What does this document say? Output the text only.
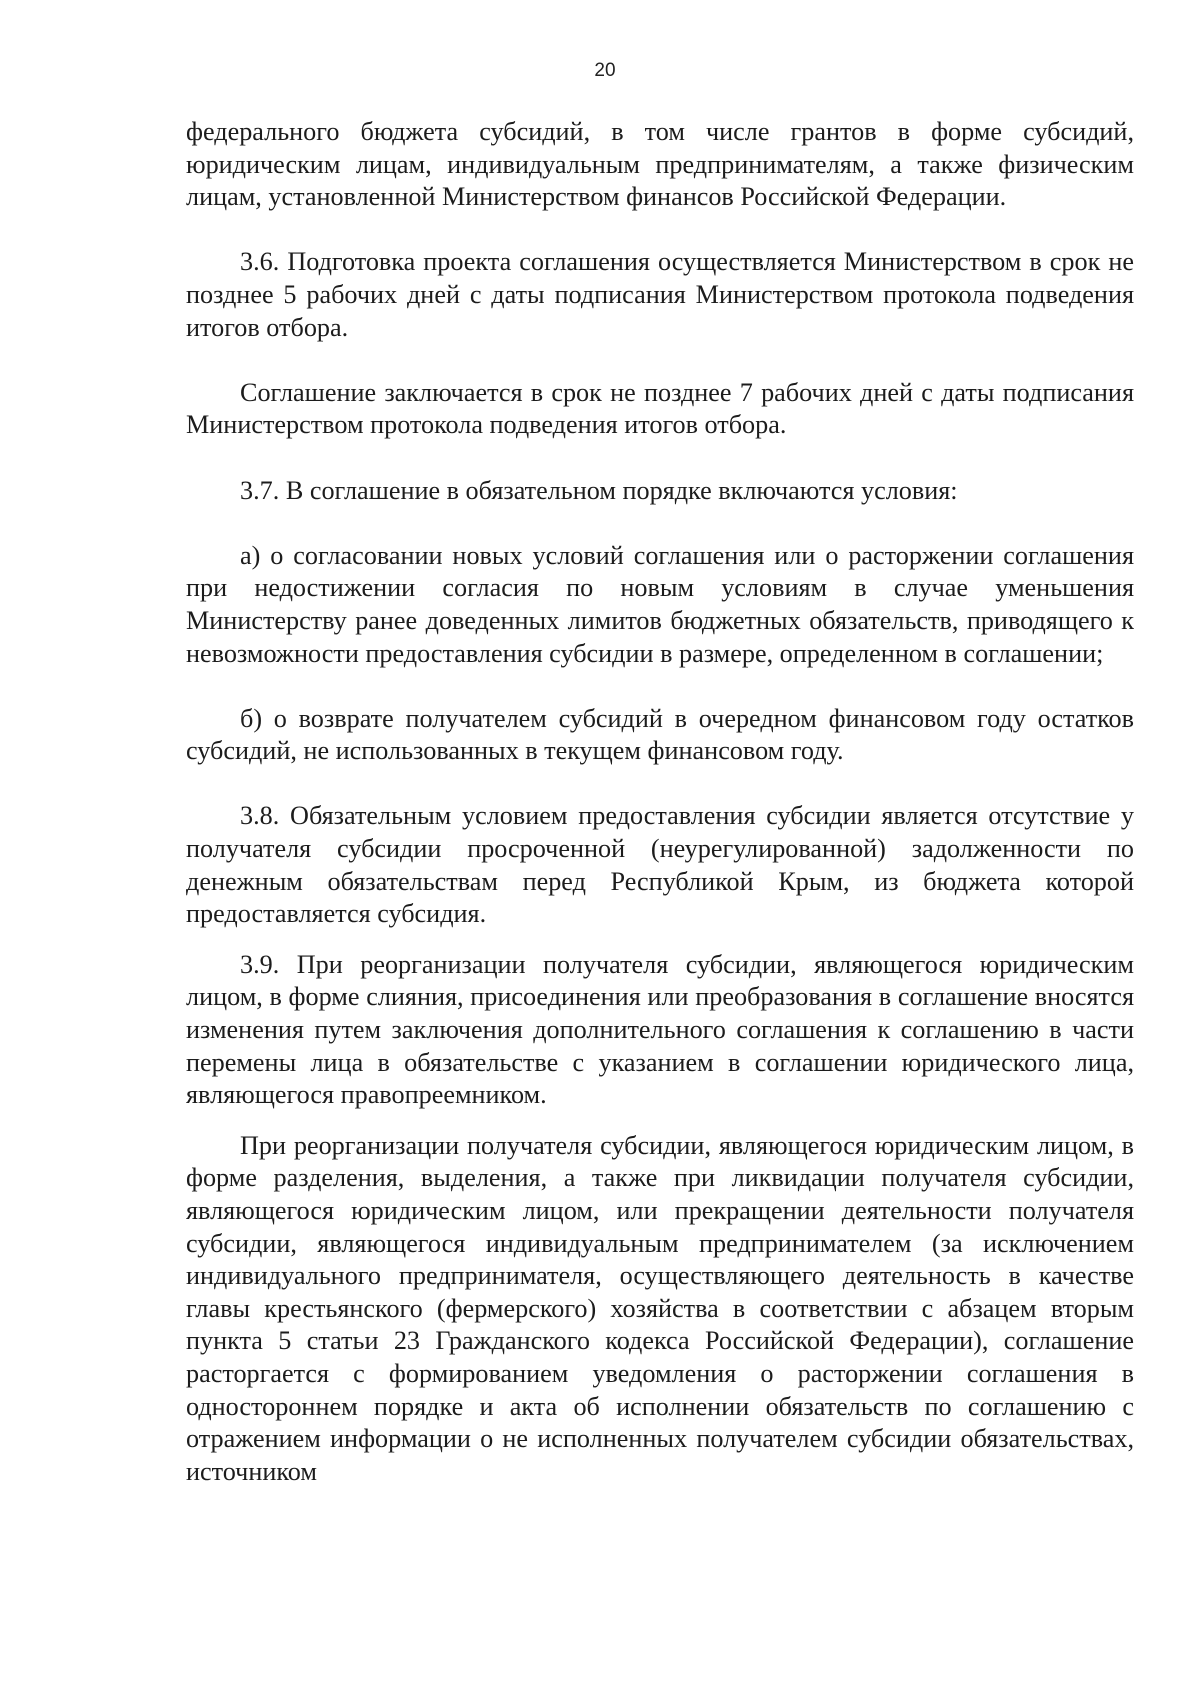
20

федерального бюджета субсидий, в том числе грантов в форме субсидий, юридическим лицам, индивидуальным предпринимателям, а также физическим лицам, установленной Министерством финансов Российской Федерации.

3.6. Подготовка проекта соглашения осуществляется Министерством в срок не позднее 5 рабочих дней с даты подписания Министерством протокола подведения итогов отбора.

Соглашение заключается в срок не позднее 7 рабочих дней с даты подписания Министерством протокола подведения итогов отбора.

3.7. В соглашение в обязательном порядке включаются условия:

а) о согласовании новых условий соглашения или о расторжении соглашения при недостижении согласия по новым условиям в случае уменьшения Министерству ранее доведенных лимитов бюджетных обязательств, приводящего к невозможности предоставления субсидии в размере, определенном в соглашении;

б) о возврате получателем субсидий в очередном финансовом году остатков субсидий, не использованных в текущем финансовом году.

3.8. Обязательным условием предоставления субсидии является отсутствие у получателя субсидии просроченной (неурегулированной) задолженности по денежным обязательствам перед Республикой Крым, из бюджета которой предоставляется субсидия.

3.9. При реорганизации получателя субсидии, являющегося юридическим лицом, в форме слияния, присоединения или преобразования в соглашение вносятся изменения путем заключения дополнительного соглашения к соглашению в части перемены лица в обязательстве с указанием в соглашении юридического лица, являющегося правопреемником.

При реорганизации получателя субсидии, являющегося юридическим лицом, в форме разделения, выделения, а также при ликвидации получателя субсидии, являющегося юридическим лицом, или прекращении деятельности получателя субсидии, являющегося индивидуальным предпринимателем (за исключением индивидуального предпринимателя, осуществляющего деятельность в качестве главы крестьянского (фермерского) хозяйства в соответствии с абзацем вторым пункта 5 статьи 23 Гражданского кодекса Российской Федерации), соглашение расторгается с формированием уведомления о расторжении соглашения в одностороннем порядке и акта об исполнении обязательств по соглашению с отражением информации о не исполненных получателем субсидии обязательствах, источником
